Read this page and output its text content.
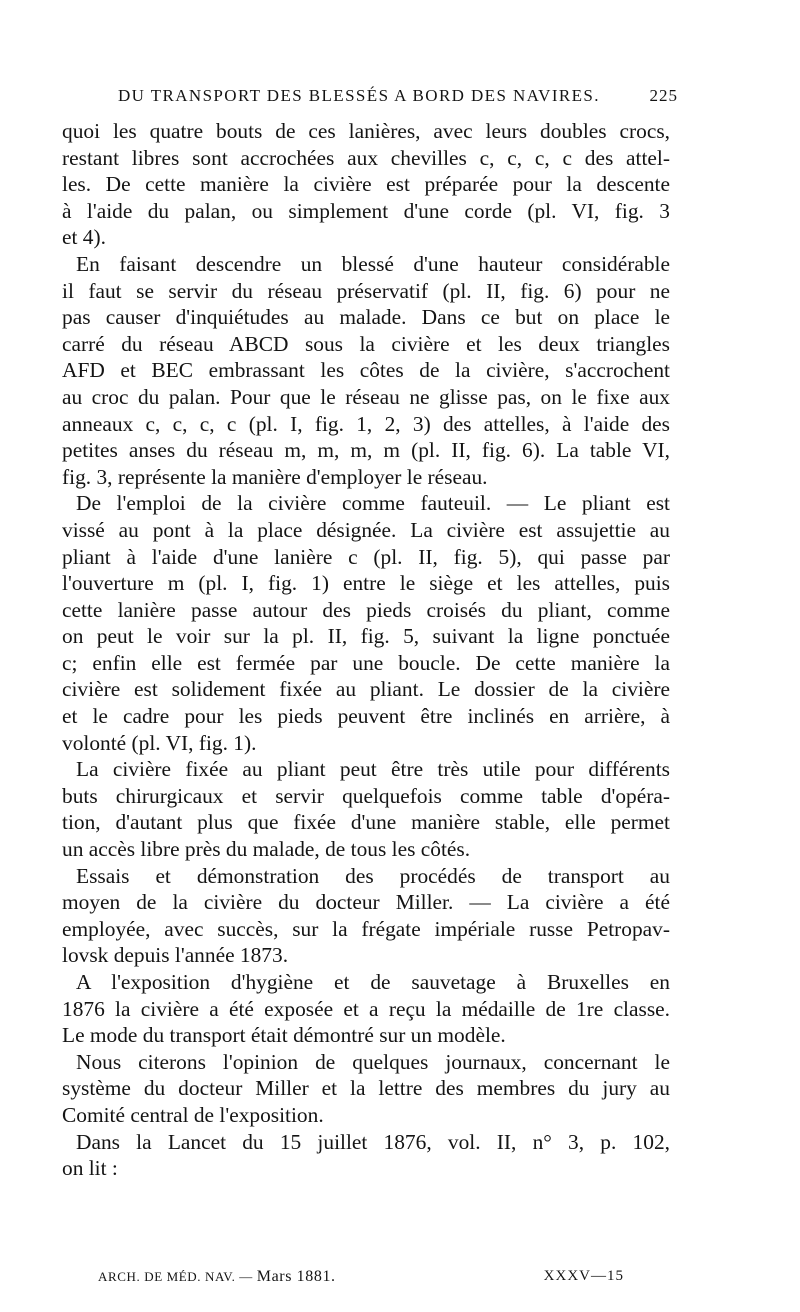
DU TRANSPORT DES BLESSÉS A BORD DES NAVIRES.	225
quoi les quatre bouts de ces lanières, avec leurs doubles crocs,
restant libres sont accrochées aux chevilles c, c, c, c des attel-
les. De cette manière la civière est préparée pour la descente
à l'aide du palan, ou simplement d'une corde (pl. VI, fig. 3
et 4).
En faisant descendre un blessé d'une hauteur considérable
il faut se servir du réseau préservatif (pl. II, fig. 6) pour ne
pas causer d'inquiétudes au malade. Dans ce but on place le
carré du réseau ABCD sous la civière et les deux triangles
AFD et BEC embrassant les côtes de la civière, s'accrochent
au croc du palan. Pour que le réseau ne glisse pas, on le fixe aux
anneaux c, c, c, c (pl. I, fig. 1, 2, 3) des attelles, à l'aide des
petites anses du réseau m, m, m, m (pl. II, fig. 6). La table VI,
fig. 3, représente la manière d'employer le réseau.
De l'emploi de la civière comme fauteuil. — Le pliant est
vissé au pont à la place désignée. La civière est assujettie au
pliant à l'aide d'une lanière c (pl. II, fig. 5), qui passe par
l'ouverture m (pl. I, fig. 1) entre le siège et les attelles, puis
cette lanière passe autour des pieds croisés du pliant, comme
on peut le voir sur la pl. II, fig. 5, suivant la ligne ponctuée
c; enfin elle est fermée par une boucle. De cette manière la
civière est solidement fixée au pliant. Le dossier de la civière
et le cadre pour les pieds peuvent être inclinés en arrière, à
volonté (pl. VI, fig. 1).
La civière fixée au pliant peut être très utile pour différents
buts chirurgicaux et servir quelquefois comme table d'opéra-
tion, d'autant plus que fixée d'une manière stable, elle permet
un accès libre près du malade, de tous les côtés.
Essais et démonstration des procédés de transport au
moyen de la civière du docteur Miller. — La civière a été
employée, avec succès, sur la frégate impériale russe Petropav-
lovsk depuis l'année 1873.
A l'exposition d'hygiène et de sauvetage à Bruxelles en
1876 la civière a été exposée et a reçu la médaille de 1re classe.
Le mode du transport était démontré sur un modèle.
Nous citerons l'opinion de quelques journaux, concernant le
système du docteur Miller et la lettre des membres du jury au
Comité central de l'exposition.
Dans la Lancet du 15 juillet 1876, vol. II, n° 3, p. 102,
on lit :
ARCH. DE MÉD. NAV. — Mars 1881.	XXXV—15
